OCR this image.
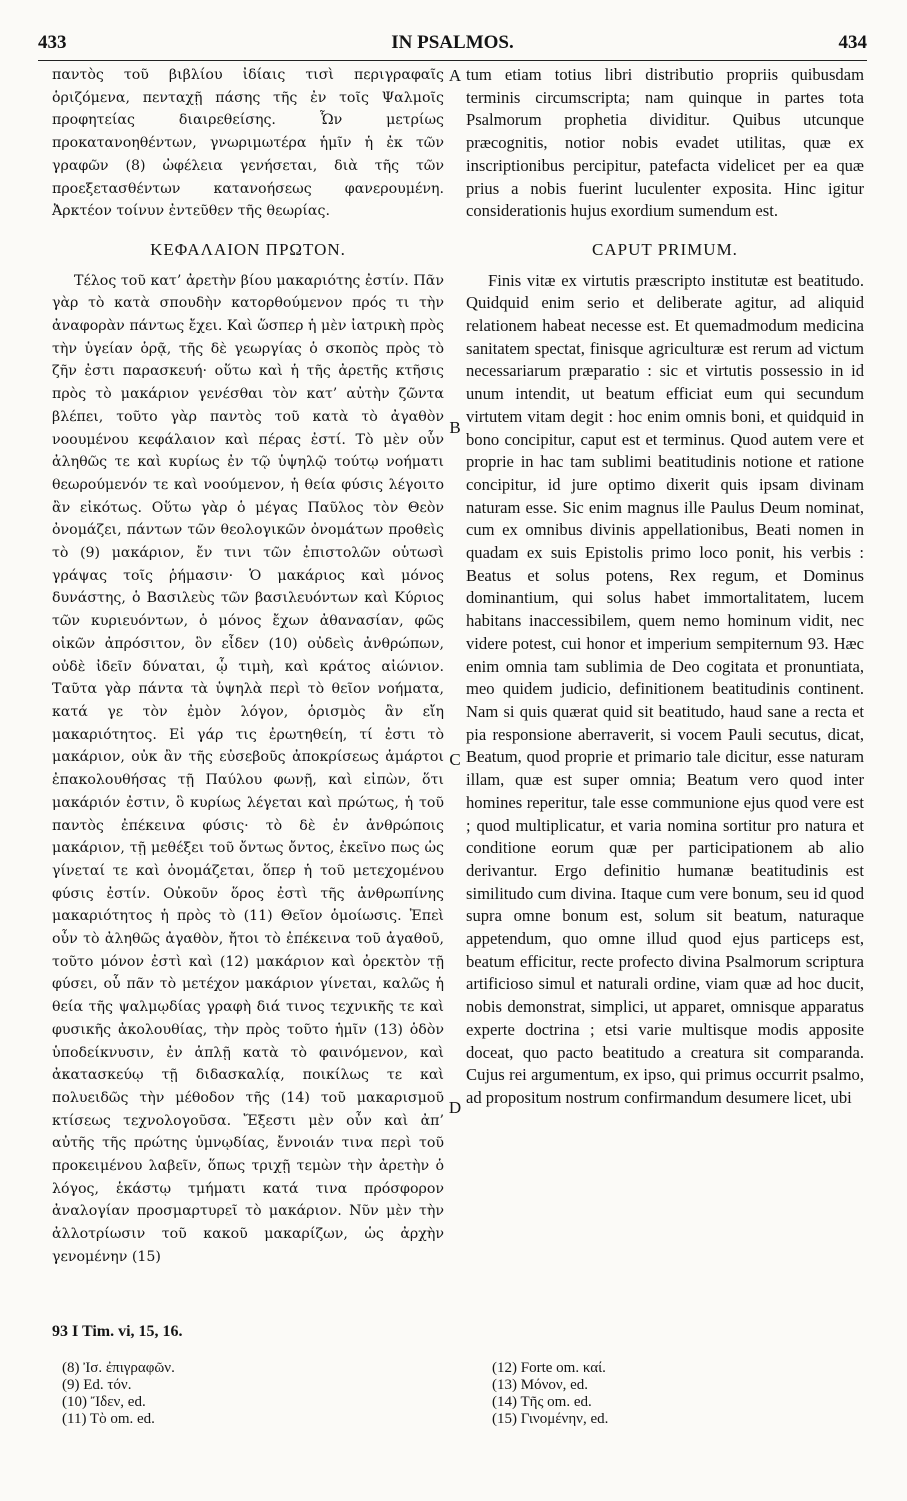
433	IN PSALMOS.	434

παντὸς τοῦ βιβλίου ἰδίαις τισὶ περιγραφαῖς ὁριζόμενα, πενταχῇ πάσης τῆς ἐν τοῖς Ψαλμοῖς προφητείας διαιρεθείσης. Ὧν μετρίως προκατανοηθέντων, γνωριμωτέρα ἡμῖν ἡ ἐκ τῶν γραφῶν (8) ὠφέλεια γενήσεται, διὰ τῆς τῶν προεξετασθέντων κατανοήσεως φανερουμένη. Ἀρκτέον τοίνυν ἐντεῦθεν τῆς θεωρίας.

ΚΕΦΑΛΑΙΟΝ ΠΡΩΤΟΝ.

Τέλος τοῦ κατ’ ἀρετὴν βίου μακαριότης ἐστίν. Πᾶν γὰρ τὸ κατὰ σπουδὴν κατορθούμενον πρός τι τὴν ἀναφορὰν πάντως ἔχει. Καὶ ὥσπερ ἡ μὲν ἰατρικὴ πρὸς τὴν ὑγείαν ὁρᾷ, τῆς δὲ γεωργίας ὁ σκοπὸς πρὸς τὸ ζῆν ἐστι παρασκευή· οὕτω καὶ ἡ τῆς ἀρετῆς κτῆσις πρὸς τὸ μακάριον γενέσθαι τὸν κατ’ αὐτὴν ζῶντα βλέπει, τοῦτο γὰρ παντὸς τοῦ κατὰ τὸ ἀγαθὸν νοουμένου κεφάλαιον καὶ πέρας ἐστί. Τὸ μὲν οὖν ἀληθῶς τε καὶ κυρίως ἐν τῷ ὑψηλῷ τούτῳ νοήματι θεωρούμενόν τε καὶ νοούμενον, ἡ θεία φύσις λέγοιτο ἂν εἰκότως. Οὕτω γὰρ ὁ μέγας Παῦλος τὸν Θεὸν ὀνομάζει, πάντων τῶν θεολογικῶν ὀνομάτων προθεὶς τὸ (9) μακάριον, ἔν τινι τῶν ἐπιστολῶν οὑτωσὶ γράψας τοῖς ῥήμασιν· Ὁ μακάριος καὶ μόνος δυνάστης, ὁ Βασιλεὺς τῶν βασιλευόντων καὶ Κύριος τῶν κυριευόντων, ὁ μόνος ἔχων ἀθανασίαν, φῶς οἰκῶν ἀπρόσιτον, ὃν εἶδεν (10) οὐδεὶς ἀνθρώπων, οὐδὲ ἰδεῖν δύναται, ᾧ τιμὴ, καὶ κράτος αἰώνιον. Ταῦτα γὰρ πάντα τὰ ὑψηλὰ περὶ τὸ θεῖον νοήματα, κατά γε τὸν ἐμὸν λόγον, ὁρισμὸς ἂν εἴη μακαριότητος. Εἰ γάρ τις ἐρωτηθείη, τί ἐστι τὸ μακάριον, οὐκ ἂν τῆς εὐσεβοῦς ἀποκρίσεως ἁμάρτοι ἐπακολουθήσας τῇ Παύλου φωνῇ, καὶ εἰπὼν, ὅτι μακάριόν ἐστιν, ὃ κυρίως λέγεται καὶ πρώτως, ἡ τοῦ παντὸς ἐπέκεινα φύσις· τὸ δὲ ἐν ἀνθρώποις μακάριον, τῇ μεθέξει τοῦ ὄντως ὄντος, ἐκεῖνο πως ὡς γίνεταί τε καὶ ὀνομάζεται, ὅπερ ἡ τοῦ μετεχομένου φύσις ἐστίν. Οὐκοῦν ὅρος ἐστὶ τῆς ἀνθρωπίνης μακαριότητος ἡ πρὸς τὸ (11) Θεῖον ὁμοίωσις. Ἐπεὶ οὖν τὸ ἀληθῶς ἀγαθὸν, ἤτοι τὸ ἐπέκεινα τοῦ ἀγαθοῦ, τοῦτο μόνον ἐστὶ καὶ (12) μακάριον καὶ ὀρεκτὸν τῇ φύσει, οὗ πᾶν τὸ μετέχον μακάριον γίνεται, καλῶς ἡ θεία τῆς ψαλμῳδίας γραφὴ διά τινος τεχνικῆς τε καὶ φυσικῆς ἀκολουθίας, τὴν πρὸς τοῦτο ἡμῖν (13) ὁδὸν ὑποδείκνυσιν, ἐν ἁπλῇ κατὰ τὸ φαινόμενον, καὶ ἀκατασκεύῳ τῇ διδασκαλίᾳ, ποικίλως τε καὶ πολυειδῶς τὴν μέθοδον τῆς (14) τοῦ μακαρισμοῦ κτίσεως τεχνολογοῦσα. Ἔξεστι μὲν οὖν καὶ ἀπ’ αὐτῆς τῆς πρώτης ὑμνῳδίας, ἔννοιάν τινα περὶ τοῦ προκειμένου λαβεῖν, ὅπως τριχῇ τεμὼν τὴν ἀρετὴν ὁ λόγος, ἑκάστῳ τμήματι κατά τινα πρόσφορον ἀναλογίαν προσμαρτυρεῖ τὸ μακάριον. Νῦν μὲν τὴν ἀλλοτρίωσιν τοῦ κακοῦ μακαρίζων, ὡς ἀρχὴν γενομένην (15)

tum etiam totius libri distributio propriis quibusdam terminis circumscripta; nam quinque in partes tota Psalmorum prophetia dividitur. Quibus utcunque præcognitis, notior nobis evadet utilitas, quæ ex inscriptionibus percipitur, patefacta videlicet per ea quæ prius a nobis fuerint luculenter exposita. Hinc igitur considerationis hujus exordium sumendum est.

CAPUT PRIMUM.

Finis vitæ ex virtutis præscripto institutæ est beatitudo. Quidquid enim serio et deliberate agitur, ad aliquid relationem habeat necesse est. Et quemadmodum medicina sanitatem spectat, finisque agriculturæ est rerum ad victum necessariarum præparatio : sic et virtutis possessio in id unum intendit, ut beatum efficiat eum qui secundum virtutem vitam degit : hoc enim omnis boni, et quidquid in bono concipitur, caput est et terminus. Quod autem vere et proprie in hac tam sublimi beatitudinis notione et ratione concipitur, id jure optimo dixerit quis ipsam divinam naturam esse. Sic enim magnus ille Paulus Deum nominat, cum ex omnibus divinis appellationibus, Beati nomen in quadam ex suis Epistolis primo loco ponit, his verbis : Beatus et solus potens, Rex regum, et Dominus dominantium, qui solus habet immortalitatem, lucem habitans inaccessibilem, quem nemo hominum vidit, nec videre potest, cui honor et imperium sempiternum 93. Hæc enim omnia tam sublimia de Deo cogitata et pronuntiata, meo quidem judicio, definitionem beatitudinis continent. Nam si quis quærat quid sit beatitudo, haud sane a recta et pia responsione aberraverit, si vocem Pauli secutus, dicat, Beatum, quod proprie et primario tale dicitur, esse naturam illam, quæ est super omnia; Beatum vero quod inter homines reperitur, tale esse communione ejus quod vere est ; quod multiplicatur, et varia nomina sortitur pro natura et conditione eorum quæ per participationem ab alio derivantur. Ergo definitio humanæ beatitudinis est similitudo cum divina. Itaque cum vere bonum, seu id quod supra omne bonum est, solum sit beatum, naturaque appetendum, quo omne illud quod ejus particeps est, beatum efficitur, recte profecto divina Psalmorum scriptura artificioso simul et naturali ordine, viam quæ ad hoc ducit, nobis demonstrat, simplici, ut apparet, omnisque apparatus experte doctrina ; etsi varie multisque modis apposite doceat, quo pacto beatitudo a creatura sit comparanda. Cujus rei argumentum, ex ipso, qui primus occurrit psalmo, ad propositum nostrum confirmandum desumere licet, ubi

A
B
C
D
93 I Tim. vi, 15, 16.
(8) Ἰσ. ἐπιγραφῶν.
(9) Ed. τόν.
(10) Ἴδεν, ed.
(11) Τὸ om. ed.
(12) Forte om. καί.
(13) Μόνον, ed.
(14) Τῆς om. ed.
(15) Γινομένην, ed.
